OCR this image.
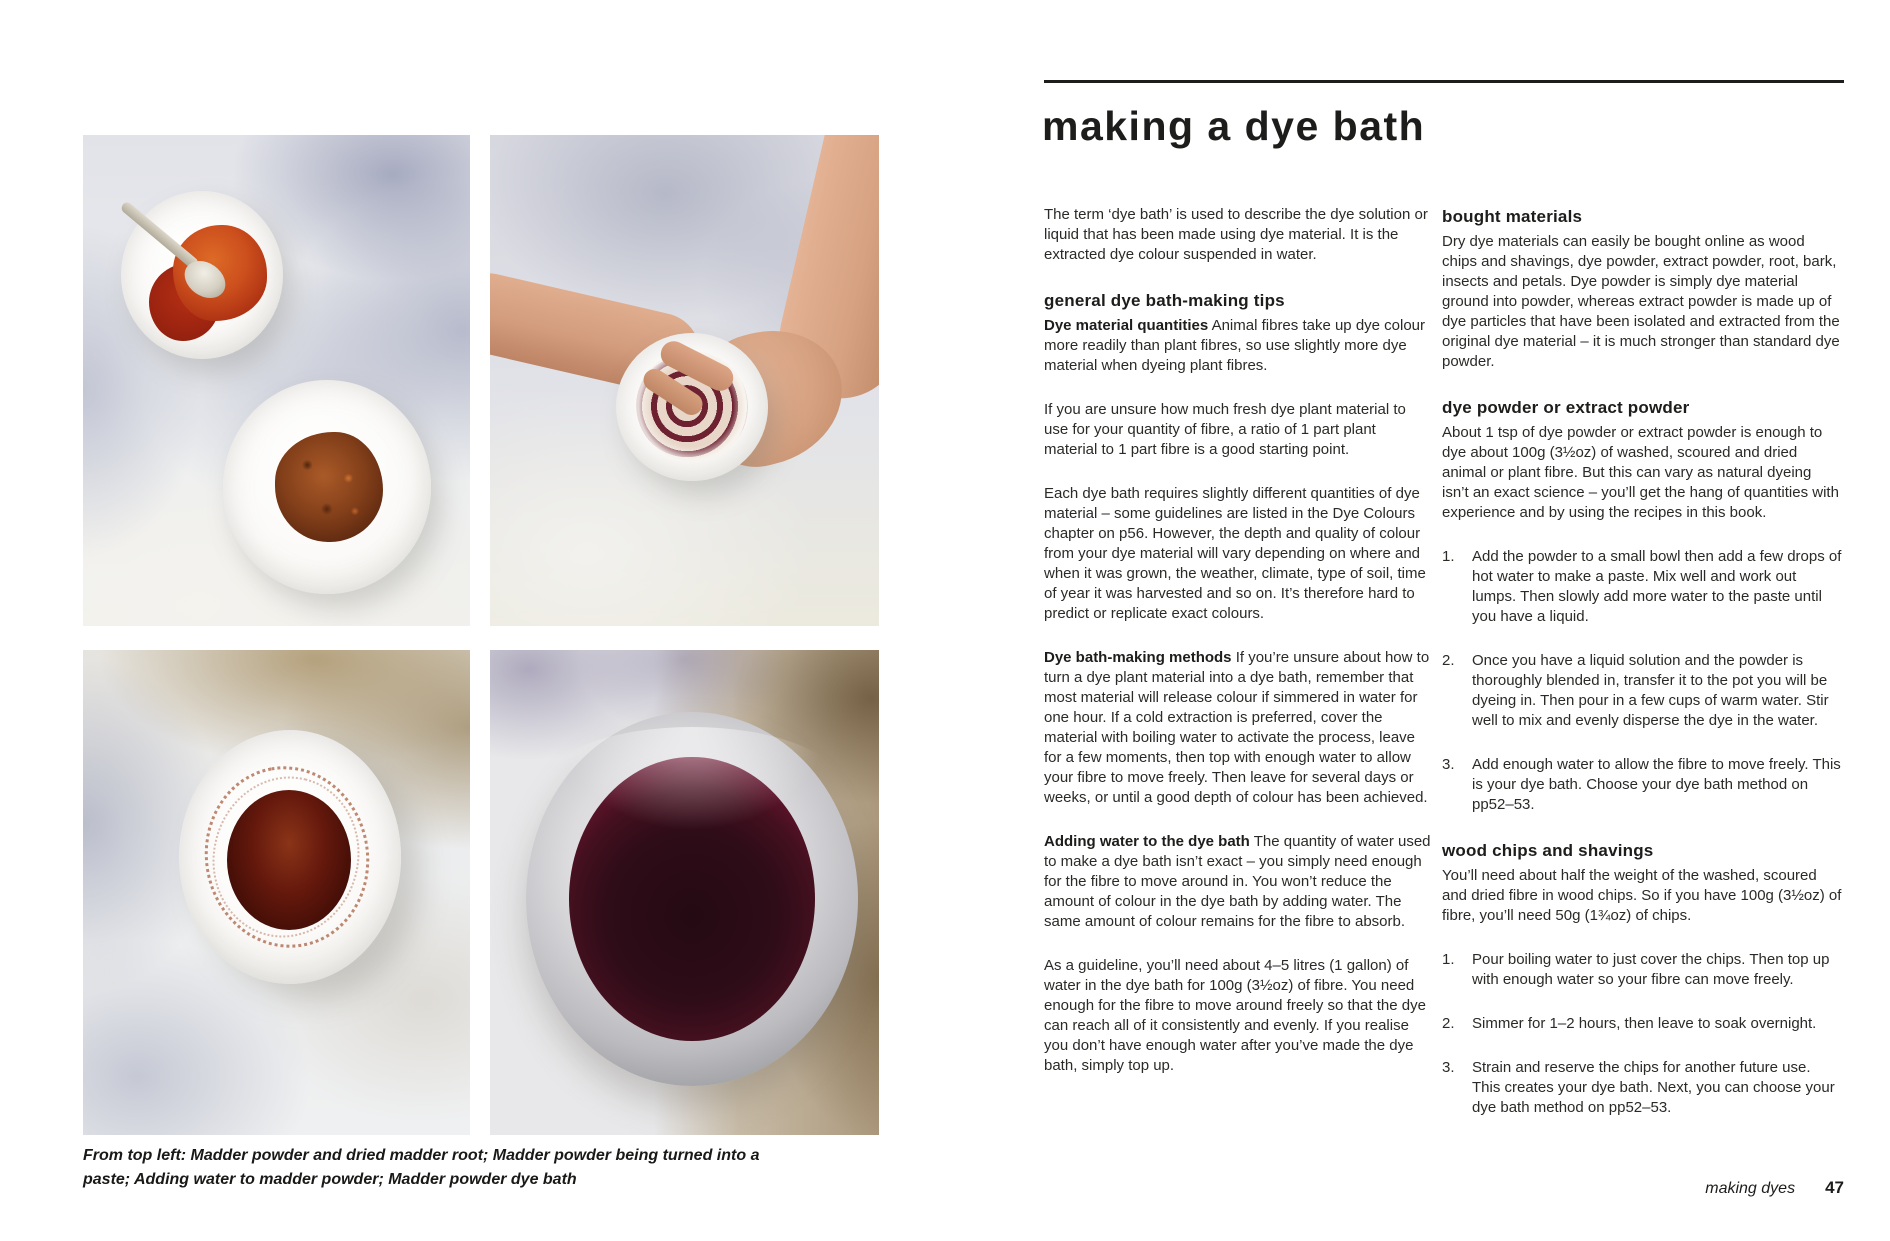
From top left: Madder powder and dried madder root; Madder powder being turned into a paste; Adding water to madder powder; Madder powder dye bath

making a dye bath

The term ‘dye bath’ is used to describe the dye solution or liquid that has been made using dye material. It is the extracted dye colour suspended in water.

general dye bath-making tips

Dye material quantities Animal fibres take up dye colour more readily than plant fibres, so use slightly more dye material when dyeing plant fibres.

If you are unsure how much fresh dye plant material to use for your quantity of fibre, a ratio of 1 part plant material to 1 part fibre is a good starting point.

Each dye bath requires slightly different quantities of dye material – some guidelines are listed in the Dye Colours chapter on p56. However, the depth and quality of colour from your dye material will vary depending on where and when it was grown, the weather, climate, type of soil, time of year it was harvested and so on. It’s therefore hard to predict or replicate exact colours.

Dye bath-making methods If you’re unsure about how to turn a dye plant material into a dye bath, remember that most material will release colour if simmered in water for one hour. If a cold extraction is preferred, cover the material with boiling water to activate the process, leave for a few moments, then top with enough water to allow your fibre to move freely. Then leave for several days or weeks, or until a good depth of colour has been achieved.

Adding water to the dye bath The quantity of water used to make a dye bath isn’t exact – you simply need enough for the fibre to move around in. You won’t reduce the amount of colour in the dye bath by adding water. The same amount of colour remains for the fibre to absorb.

As a guideline, you’ll need about 4–5 litres (1 gallon) of water in the dye bath for 100g (3½oz) of fibre. You need enough for the fibre to move around freely so that the dye can reach all of it consistently and evenly. If you realise you don’t have enough water after you’ve made the dye bath, simply top up.

bought materials

Dry dye materials can easily be bought online as wood chips and shavings, dye powder, extract powder, root, bark, insects and petals. Dye powder is simply dye material ground into powder, whereas extract powder is made up of dye particles that have been isolated and extracted from the original dye material – it is much stronger than standard dye powder.

dye powder or extract powder

About 1 tsp of dye powder or extract powder is enough to dye about 100g (3½oz) of washed, scoured and dried animal or plant fibre. But this can vary as natural dyeing isn’t an exact science – you’ll get the hang of quantities with experience and by using the recipes in this book.

1.	Add the powder to a small bowl then add a few drops of hot water to make a paste. Mix well and work out lumps. Then slowly add more water to the paste until you have a liquid.
2.	Once you have a liquid solution and the powder is thoroughly blended in, transfer it to the pot you will be dyeing in. Then pour in a few cups of warm water. Stir well to mix and evenly disperse the dye in the water.
3.	Add enough water to allow the fibre to move freely. This is your dye bath. Choose your dye bath method on pp52–53.
wood chips and shavings

You’ll need about half the weight of the washed, scoured and dried fibre in wood chips. So if you have 100g (3½oz) of fibre, you’ll need 50g (1¾oz) of chips.

1.	Pour boiling water to just cover the chips. Then top up with enough water so your fibre can move freely.
2.	Simmer for 1–2 hours, then leave to soak overnight.
3.	Strain and reserve the chips for another future use. This creates your dye bath. Next, you can choose your dye bath method on pp52–53.
making dyes 47
